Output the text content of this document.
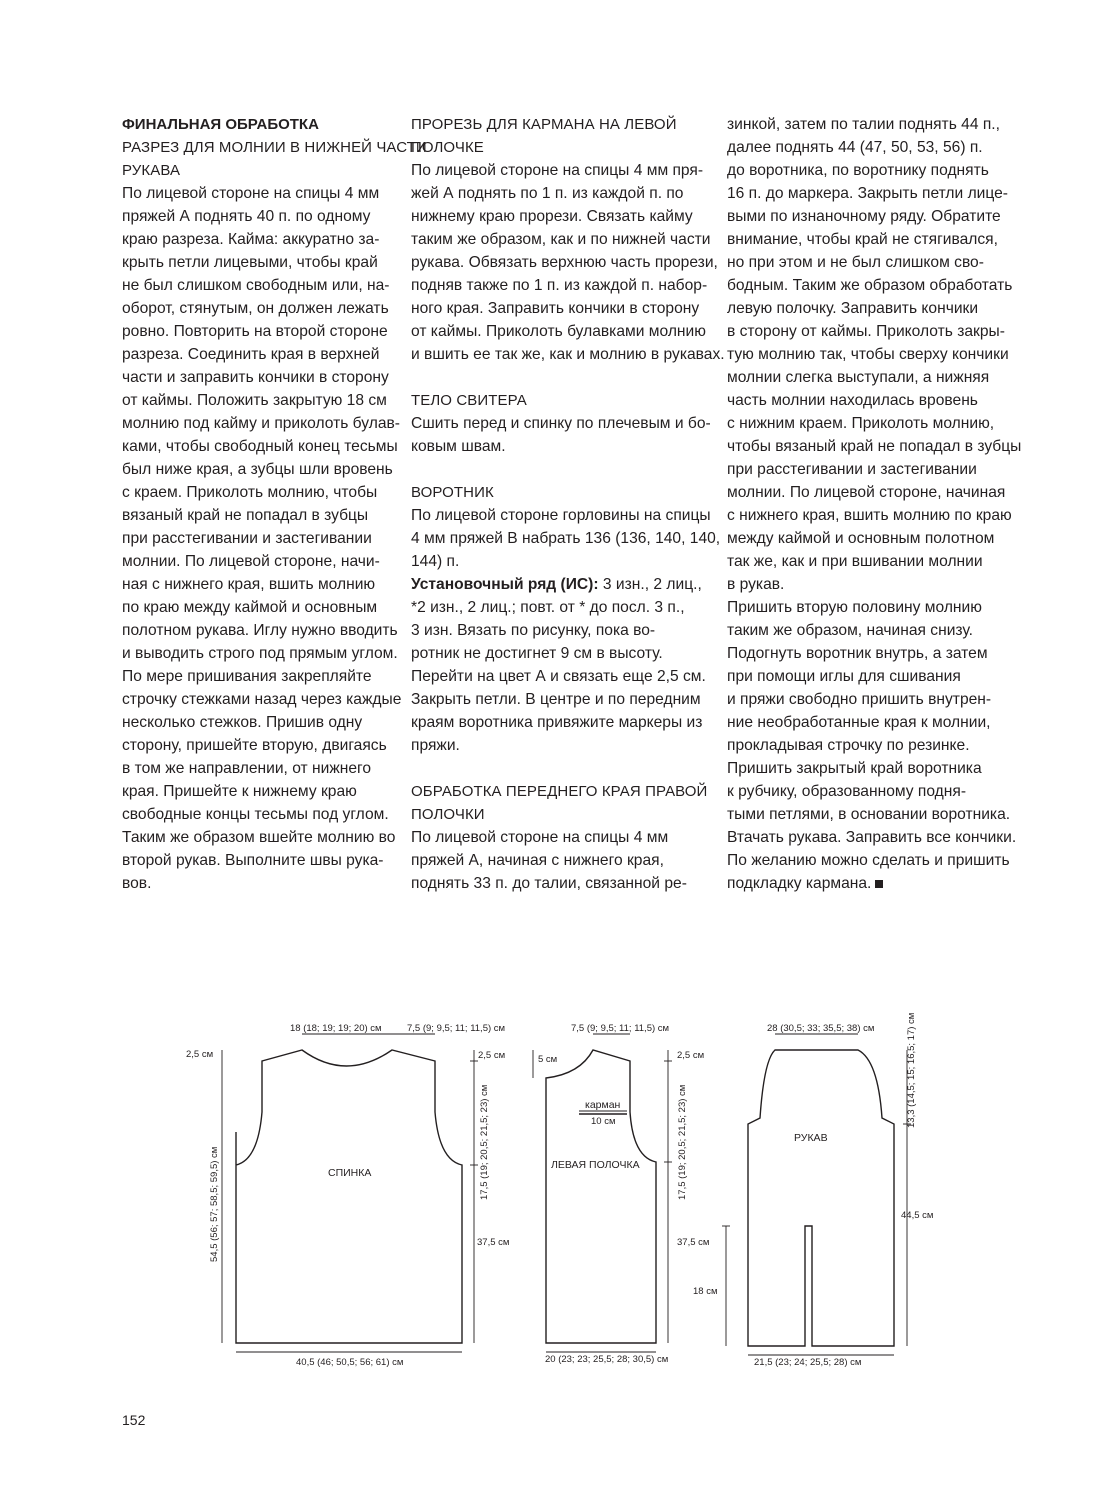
ФИНАЛЬНАЯ ОБРАБОТКА
РАЗРЕЗ ДЛЯ МОЛНИИ В НИЖНЕЙ ЧАСТИ
РУКАВА
По лицевой стороне на спицы 4 мм
пряжей А поднять 40 п. по одному
краю разреза. Кайма: аккуратно за-
крыть петли лицевыми, чтобы край
не был слишком свободным или, на-
оборот, стянутым, он должен лежать
ровно. Повторить на второй стороне
разреза. Соединить края в верхней
части и заправить кончики в сторону
от каймы. Положить закрытую 18 см
молнию под кайму и приколоть булав-
ками, чтобы свободный конец тесьмы
был ниже края, а зубцы шли вровень
с краем. Приколоть молнию, чтобы
вязаный край не попадал в зубцы
при расстегивании и застегивании
молнии. По лицевой стороне, начи-
ная с нижнего края, вшить молнию
по краю между каймой и основным
полотном рукава. Иглу нужно вводить
и выводить строго под прямым углом.
По мере пришивания закрепляйте
строчку стежками назад через каждые
несколько стежков. Пришив одну
сторону, пришейте вторую, двигаясь
в том же направлении, от нижнего
края. Пришейте к нижнему краю
свободные концы тесьмы под углом.
Таким же образом вшейте молнию во
второй рукав. Выполните швы рука-
вов.
ПРОРЕЗЬ ДЛЯ КАРМАНА НА ЛЕВОЙ
ПОЛОЧКЕ
По лицевой стороне на спицы 4 мм пря-
жей А поднять по 1 п. из каждой п. по
нижнему краю прорези. Связать кайму
таким же образом, как и по нижней части
рукава. Обвязать верхнюю часть прорези,
подняв также по 1 п. из каждой п. набор-
ного края. Заправить кончики в сторону
от каймы. Приколоть булавками молнию
и вшить ее так же, как и молнию в рукавах.
ТЕЛО СВИТЕРА
Сшить перед и спинку по плечевым и бо-
ковым швам.
ВОРОТНИК
По лицевой стороне горловины на спицы
4 мм пряжей В набрать 136 (136, 140, 140,
144) п.
Установочный ряд (ИС): 3 изн., 2 лиц.,
*2 изн., 2 лиц.; повт. от * до посл. 3 п.,
3 изн. Вязать по рисунку, пока во-
ротник не достигнет 9 см в высоту.
Перейти на цвет А и связать еще 2,5 см.
Закрыть петли. В центре и по передним
краям воротника привяжите маркеры из
пряжи.
ОБРАБОТКА ПЕРЕДНЕГО КРАЯ ПРАВОЙ
ПОЛОЧКИ
По лицевой стороне на спицы 4 мм
пряжей А, начиная с нижнего края,
поднять 33 п. до талии, связанной ре-
зинкой, затем по талии поднять 44 п.,
далее поднять 44 (47, 50, 53, 56) п.
до воротника, по воротнику поднять
16 п. до маркера. Закрыть петли лице-
выми по изнаночному ряду. Обратите
внимание, чтобы край не стягивался,
но при этом и не был слишком сво-
бодным. Таким же образом обработать
левую полочку. Заправить кончики
в сторону от каймы. Приколоть закры-
тую молнию так, чтобы сверху кончики
молнии слегка выступали, а нижняя
часть молнии находилась вровень
с нижним краем. Приколоть молнию,
чтобы вязаный край не попадал в зубцы
при расстегивании и застегивании
молнии. По лицевой стороне, начиная
с нижнего края, вшить молнию по краю
между каймой и основным полотном
так же, как и при вшивании молнии
в рукав.
Пришить вторую половину молнию
таким же образом, начиная снизу.
Подогнуть воротник внутрь, а затем
при помощи иглы для сшивания
и пряжи свободно пришить внутрен-
ние необработанные края к молнии,
прокладывая строчку по резинке.
Пришить закрытый край воротника
к рубчику, образованному подня-
тыми петлями, в основании воротника.
Втачать рукава. Заправить все кончики.
По желанию можно сделать и пришить
подкладку кармана.
18 (18; 19; 19; 20) см	7,5 (9; 9,5; 11; 11,5) см
2,5 см
54,5 (56; 57; 58,5; 59,5) см
2,5 см
17,5 (19; 20,5; 21,5; 23) см
37,5 см
40,5 (46; 50,5; 56; 61) см
7,5 (9; 9,5; 11; 11,5) см
5 см	2,5 см
17,5 (19; 20,5; 21,5; 23) см
37,5 см
20 (23; 23; 25,5; 28; 30,5) см
28 (30,5; 33; 35,5; 38) см
18 см
13,3 (14,5; 15; 16,5; 17) см
44,5 см
21,5 (23; 24; 25,5; 28) см
СПИНКА
ЛЕВАЯ ПОЛОЧКА
карман
10 см
РУКАВ
152
